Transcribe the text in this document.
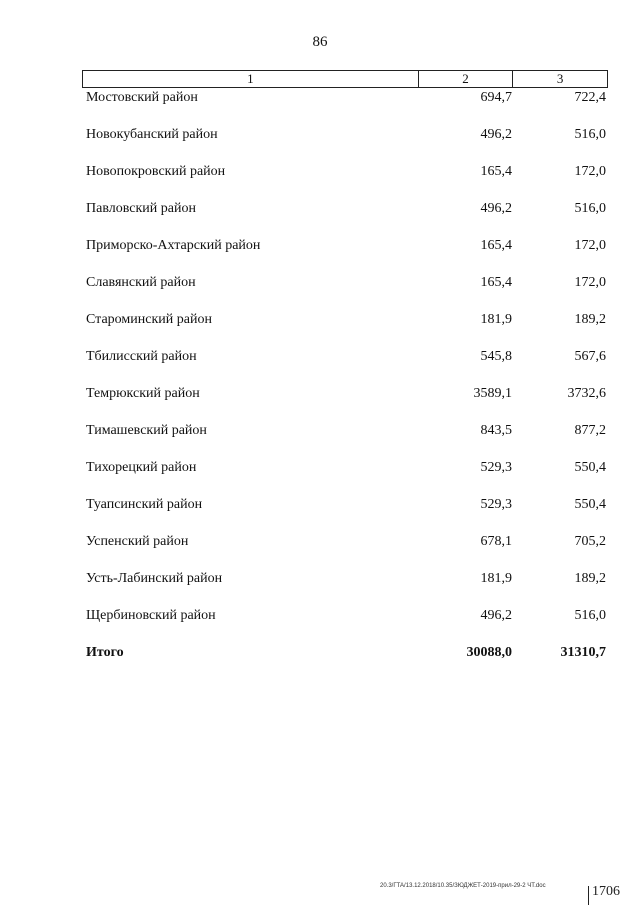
86
1	2	3
Мостовский район	694,7	722,4
Новокубанский район	496,2	516,0
Новопокровский район	165,4	172,0
Павловский район	496,2	516,0
Приморско-Ахтарский район	165,4	172,0
Славянский район	165,4	172,0
Староминский район	181,9	189,2
Тбилисский район	545,8	567,6
Темрюкский район	3589,1	3732,6
Тимашевский район	843,5	877,2
Тихорецкий район	529,3	550,4
Туапсинский район	529,3	550,4
Успенский район	678,1	705,2
Усть-Лабинский район	181,9	189,2
Щербиновский район	496,2	516,0
Итого	30088,0	31310,7
20.3/ГТА/13.12.2018/10.35/ЗЮДЖЕТ-2019-прил-29-2 ЧТ.doc	1706
